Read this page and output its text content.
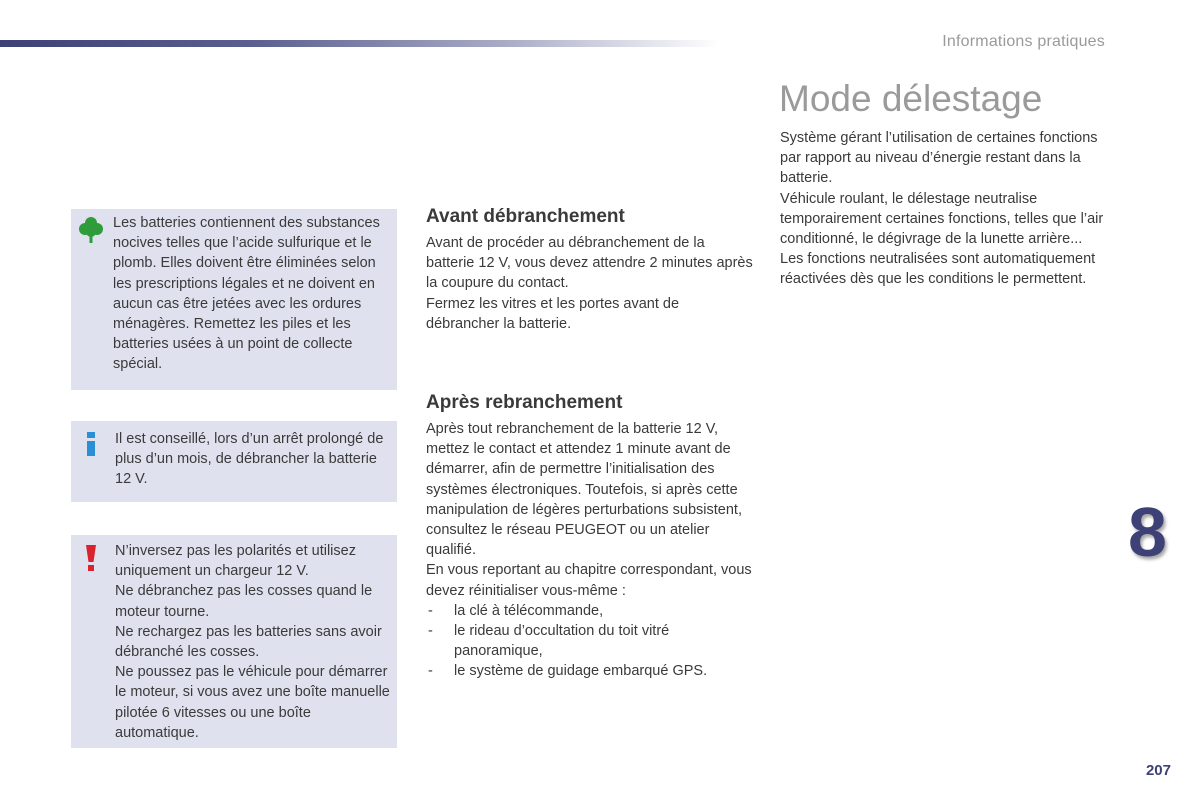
Informations pratiques

Les batteries contiennent des substances nocives telles que l’acide sulfurique et le plomb. Elles doivent être éliminées selon les prescriptions légales et ne doivent en aucun cas être jetées avec les ordures ménagères. Remettez les piles et les batteries usées à un point de collecte spécial.

Il est conseillé, lors d’un arrêt prolongé de plus d’un mois, de débrancher la batterie 12 V.

N’inversez pas les polarités et utilisez uniquement un chargeur 12 V.

Ne débranchez pas les cosses quand le moteur tourne.

Ne rechargez pas les batteries sans avoir débranché les cosses.

Ne poussez pas le véhicule pour démarrer le moteur, si vous avez une boîte manuelle pilotée 6 vitesses ou une boîte automatique.

Avant débranchement

Avant de procéder au débranchement de la batterie 12 V, vous devez attendre 2 minutes après la coupure du contact.

Fermez les vitres et les portes avant de débrancher la batterie.

Après rebranchement

Après tout rebranchement de la batterie 12 V, mettez le contact et attendez 1 minute avant de démarrer, afin de permettre l’initialisation des systèmes électroniques. Toutefois, si après cette manipulation de légères perturbations subsistent, consultez le réseau PEUGEOT ou un atelier qualifié.

En vous reportant au chapitre correspondant, vous devez réinitialiser vous-même :

-	la clé à télécommande,
-	le rideau d’occultation du toit vitré panoramique,
-	le système de guidage embarqué GPS.
Mode délestage

Système gérant l’utilisation de certaines fonctions par rapport au niveau d’énergie restant dans la batterie.

Véhicule roulant, le délestage neutralise temporairement certaines fonctions, telles que l’air conditionné, le dégivrage de la lunette arrière...

Les fonctions neutralisées sont automatiquement réactivées dès que les conditions le permettent.

8
207
